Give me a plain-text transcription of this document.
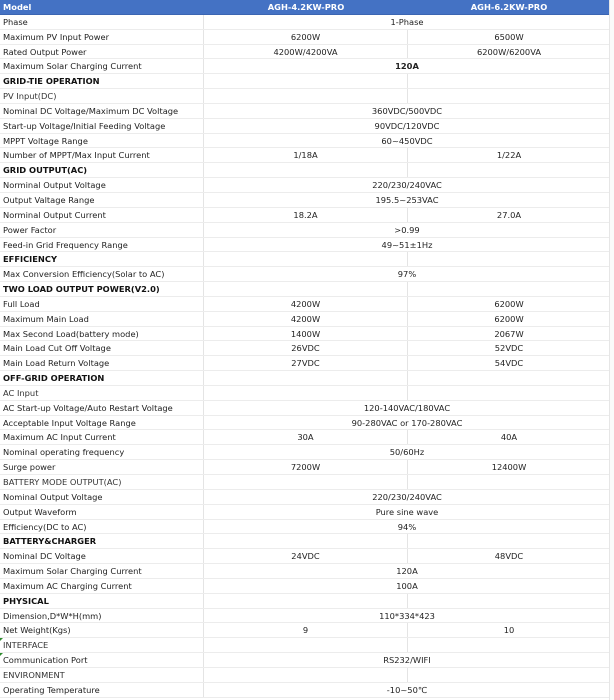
Model	AGH-4.2KW-PRO	AGH-6.2KW-PRO
Phase	1-Phase
Maximum PV Input Power	6200W	6500W
Rated Output Power	4200W/4200VA	6200W/6200VA
Maximum Solar Charging Current	120A
GRID-TIE OPERATION
PV Input(DC)
Nominal DC Voltage/Maximum DC Voltage	360VDC/500VDC
Start-up Voltage/Initial Feeding Voltage	90VDC/120VDC
MPPT Voltage Range	60~450VDC
Number of MPPT/Max Input Current	1/18A	1/22A
GRID OUTPUT(AC)
Norminal Output Voltage	220/230/240VAC
Output Valtage Range	195.5~253VAC
Norminal Output Current	18.2A	27.0A
Power Factor	>0.99
Feed-in Grid Frequency Range	49~51±1Hz
EFFICIENCY
Max Conversion Efficiency(Solar to AC)	97%
TWO LOAD OUTPUT POWER(V2.0)
Full Load	4200W	6200W
Maximum Main Load	4200W	6200W
Max Second Load(battery mode)	1400W	2067W
Main Load Cut Off Voltage	26VDC	52VDC
Main Load Return Voltage	27VDC	54VDC
OFF-GRID OPERATION
AC Input
AC Start-up Voltage/Auto Restart Voltage	120-140VAC/180VAC
Acceptable Input Voltage Range	90-280VAC or 170-280VAC
Maximum AC Input Current	30A	40A
Nominal operating frequency	50/60Hz
Surge power	7200W	12400W
BATTERY MODE OUTPUT(AC)
Nominal Output Voltage	220/230/240VAC
Output Waveform	Pure sine wave
Efficiency(DC to AC)	94%
BATTERY&CHARGER
Nominal DC Voltage	24VDC	48VDC
Maximum Solar Charging Current	120A
Maximum AC Charging Current	100A
PHYSICAL
Dimension,D*W*H(mm)	110*334*423
Net Weight(Kgs)	9	10
INTERFACE
Communication Port	RS232/WIFI
ENVIRONMENT
Operating Temperature	-10~50℃
